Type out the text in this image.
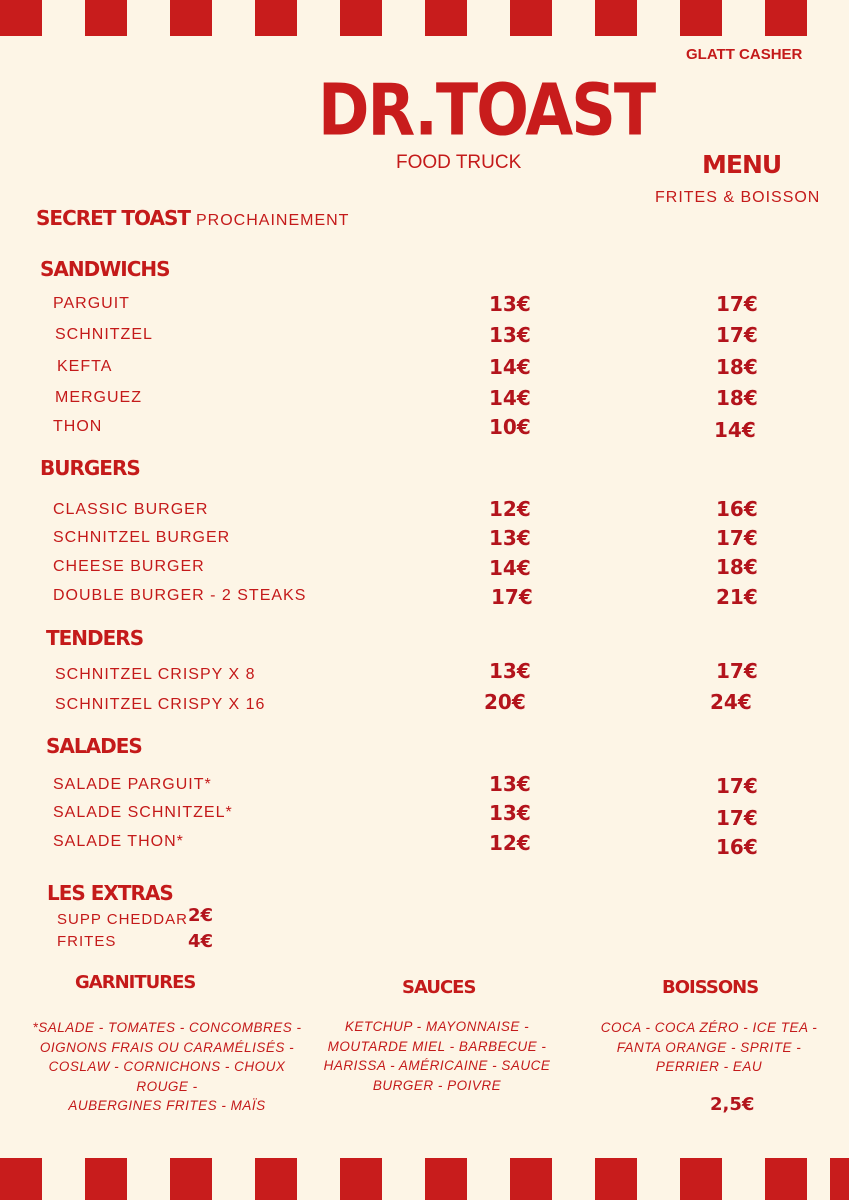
GLATT CASHER
DR.TOAST
FOOD TRUCK	MENU
FRITES & BOISSON
SECRET TOAST PROCHAINEMENT
SANDWICHS
PARGUIT	13€	17€
SCHNITZEL	13€	17€
KEFTA	14€	18€
MERGUEZ	14€	18€
THON	10€	14€
BURGERS
CLASSIC BURGER	12€	16€
SCHNITZEL BURGER	13€	17€
CHEESE BURGER	14€	18€
DOUBLE BURGER - 2 STEAKS	17€	21€
TENDERS
SCHNITZEL CRISPY X 8	13€	17€
SCHNITZEL CRISPY X 16	20€	24€
SALADES
SALADE PARGUIT*	13€	17€
SALADE SCHNITZEL*	13€	17€
SALADE THON*	12€	16€
LES EXTRAS
SUPP CHEDDAR 2€
FRITES	4€
GARNITURES
*SALADE - TOMATES - CONCOMBRES -
OIGNONS FRAIS OU CARAMÉLISÉS -
COSLAW - CORNICHONS - CHOUX ROUGE -
AUBERGINES FRITES - MAÏS
SAUCES
KETCHUP - MAYONNAISE -
MOUTARDE MIEL - BARBECUE -
HARISSA - AMÉRICAINE - SAUCE
BURGER - POIVRE
BOISSONS
COCA - COCA ZÉRO - ICE TEA -
FANTA ORANGE - SPRITE -
PERRIER - EAU
2,5€
